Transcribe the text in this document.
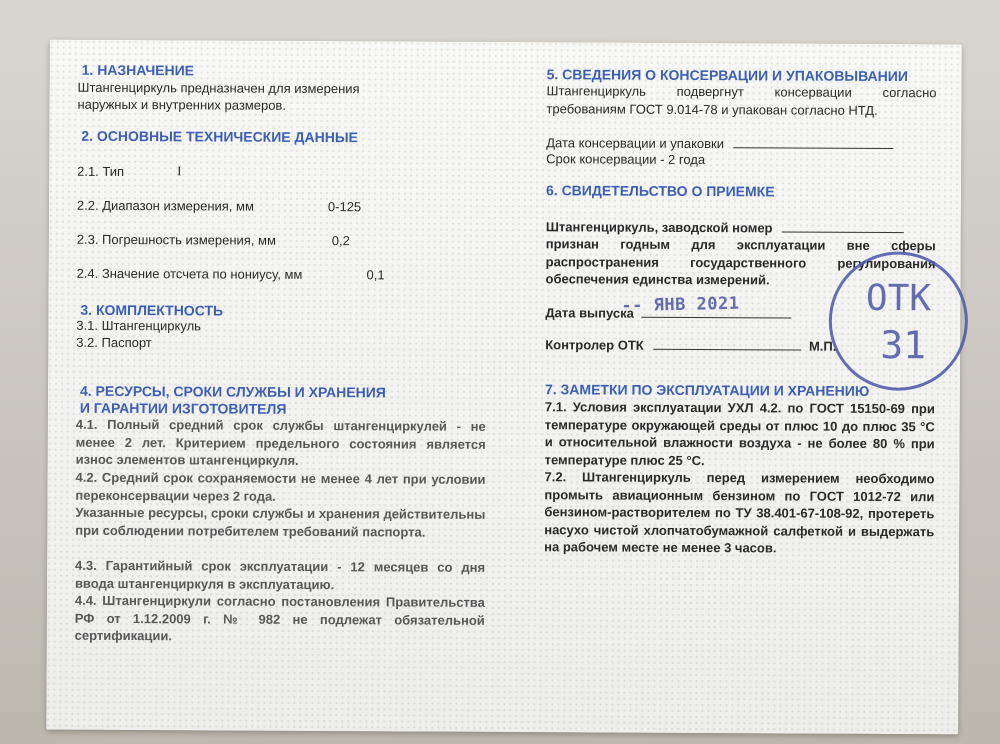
1. НАЗНАЧЕНИЕ
Штангенциркуль предназначен для измерения
наружных и внутренних размеров.
2. ОСНОВНЫЕ ТЕХНИЧЕСКИЕ ДАННЫЕ
2.1. Тип	I
2.2. Диапазон измерения, мм	0-125
2.3. Погрешность измерения, мм	0,2
2.4. Значение отсчета по нониусу, мм	0,1
3. КОМПЛЕКТНОСТЬ
3.1. Штангенциркуль
3.2. Паспорт
4. РЕСУРСЫ, СРОКИ СЛУЖБЫ И ХРАНЕНИЯ
И ГАРАНТИИ ИЗГОТОВИТЕЛЯ
4.1. Полный средний срок службы штангенциркулей - не менее 2 лет. Критерием предельного состояния является износ элементов штангенциркуля.
4.2. Средний срок сохраняемости не менее 4 лет при условии переконсервации через 2 года.
Указанные ресурсы, сроки службы и хранения действительны при соблюдении потребителем требований паспорта.
4.3. Гарантийный срок эксплуатации - 12 месяцев со дня ввода штангенциркуля в эксплуатацию.
4.4. Штангенциркули согласно постановления Правительства РФ от 1.12.2009 г. № 982 не подлежат обязательной сертификации.
5. СВЕДЕНИЯ О КОНСЕРВАЦИИ И УПАКОВЫВАНИИ
Штангенциркуль подвергнут консервации согласно требованиям ГОСТ 9.014-78 и упакован согласно НТД.
Дата консервации и упаковки
Срок консервации - 2 года
6. СВИДЕТЕЛЬСТВО О ПРИЕМКЕ
Штангенциркуль, заводской номер
признан годным для эксплуатации вне сферы распространения государственного регулирования обеспечения единства измерений.
Дата выпуска
-- ЯНВ 2021
Контролер ОТК	М.П.
ОТК
31
7. ЗАМЕТКИ ПО ЭКСПЛУАТАЦИИ И ХРАНЕНИЮ
7.1. Условия эксплуатации УХЛ 4.2. по ГОСТ 15150-69 при температуре окружающей среды от плюс 10 до плюс 35 °С и относительной влажности воздуха - не более 80 % при температуре плюс 25 °С.
7.2. Штангенциркуль перед измерением необходимо промыть авиационным бензином по ГОСТ 1012-72 или бензином-растворителем по ТУ 38.401-67-108-92, протереть насухо чистой хлопчатобумажной салфеткой и выдержать на рабочем месте не менее 3 часов.
